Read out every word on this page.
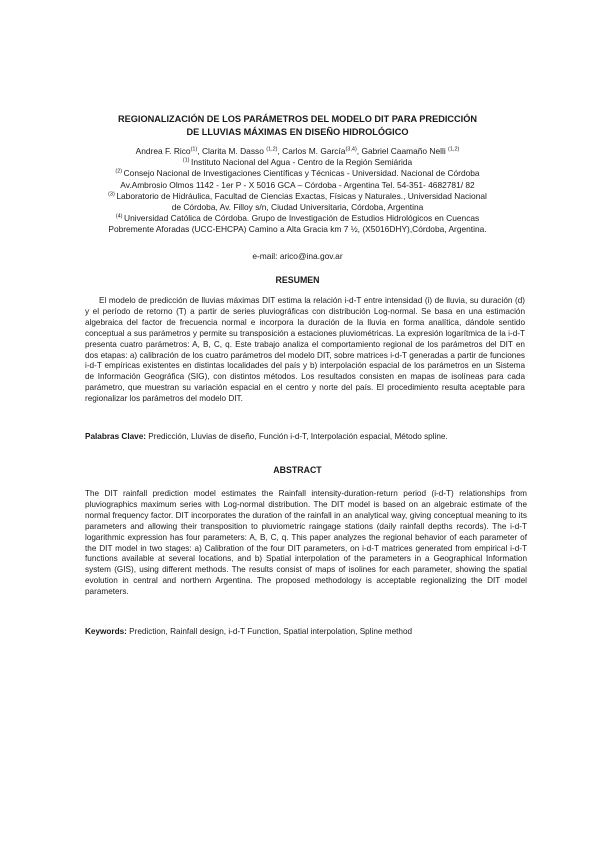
REGIONALIZACIÓN DE LOS PARÁMETROS DEL MODELO DIT PARA PREDICCIÓN
DE LLUVIAS MÁXIMAS EN DISEÑO HIDROLÓGICO
Andrea F. Rico$^{(1)}$, Clarita M. Dasso $^{(1,2)}$, Carlos M. García$^{(3,4)}$, Gabriel Caamaño Nelli $^{(1,2)}$
$^{(1)}$ Instituto Nacional del Agua - Centro de la Región Semiárida
$^{(2)}$ Consejo Nacional de Investigaciones Científicas y Técnicas - Universidad. Nacional de Córdoba
Av.Ambrosio Olmos 1142 - 1er P - X 5016 GCA – Córdoba - Argentina Tel. 54-351- 4682781/ 82
$^{(3)}$ Laboratorio de Hidráulica, Facultad de Ciencias Exactas, Físicas y Naturales., Universidad Nacional
de Córdoba, Av. Filloy s/n, Ciudad Universitaria, Córdoba, Argentina
$^{(4)}$ Universidad Católica de Córdoba. Grupo de Investigación de Estudios Hidrológicos en Cuencas
Pobremente Aforadas (UCC-EHCPA) Camino a Alta Gracia km 7 ½, (X5016DHY),Córdoba, Argentina.
e-mail: arico@ina.gov.ar
RESUMEN

El modelo de predicción de lluvias máximas DIT estima la relación i-d-T entre intensidad (i) de lluvia, su duración (d) y el período de retorno (T) a partir de series pluviográficas con distribución Log-normal. Se basa en una estimación algebraica del factor de frecuencia normal e incorpora la duración de la lluvia en forma analítica, dándole sentido conceptual a sus parámetros y permite su transposición a estaciones pluviométricas. La expresión logarítmica de la i-d-T presenta cuatro parámetros: A, B, C, q. Este trabajo analiza el comportamiento regional de los parámetros del DIT en dos etapas: a) calibración de los cuatro parámetros del modelo DIT, sobre matrices i-d-T generadas a partir de funciones i-d-T empíricas existentes en distintas localidades del país y b) interpolación espacial de los parámetros en un Sistema de Información Geográfica (SIG), con distintos métodos. Los resultados consisten en mapas de isolíneas para cada parámetro, que muestran su variación espacial en el centro y norte del país. El procedimiento resulta aceptable para regionalizar los parámetros del modelo DIT.

Palabras Clave: Predicción, Lluvias de diseño, Función i-d-T, Interpolación espacial, Método spline.

ABSTRACT

The DIT rainfall prediction model estimates the Rainfall intensity-duration-return period (i-d-T) relationships from pluviographics maximum series with Log-normal distribution. The DIT model is based on an algebraic estimate of the normal frequency factor. DIT incorporates the duration of the rainfall in an analytical way, giving conceptual meaning to its parameters and allowing their transposition to pluviometric raingage stations (daily rainfall depths records). The i-d-T logarithmic expression has four parameters: A, B, C, q. This paper analyzes the regional behavior of each parameter of the DIT model in two stages: a) Calibration of the four DIT parameters, on i-d-T matrices generated from empirical i-d-T functions available at several locations, and b) Spatial interpolation of the parameters in a Geographical Information system (GIS), using different methods. The results consist of maps of isolines for each parameter, showing the spatial evolution in central and northern Argentina. The proposed methodology is acceptable regionalizing the DIT model parameters.

Keywords: Prediction, Rainfall design, i-d-T Function, Spatial interpolation, Spline method
